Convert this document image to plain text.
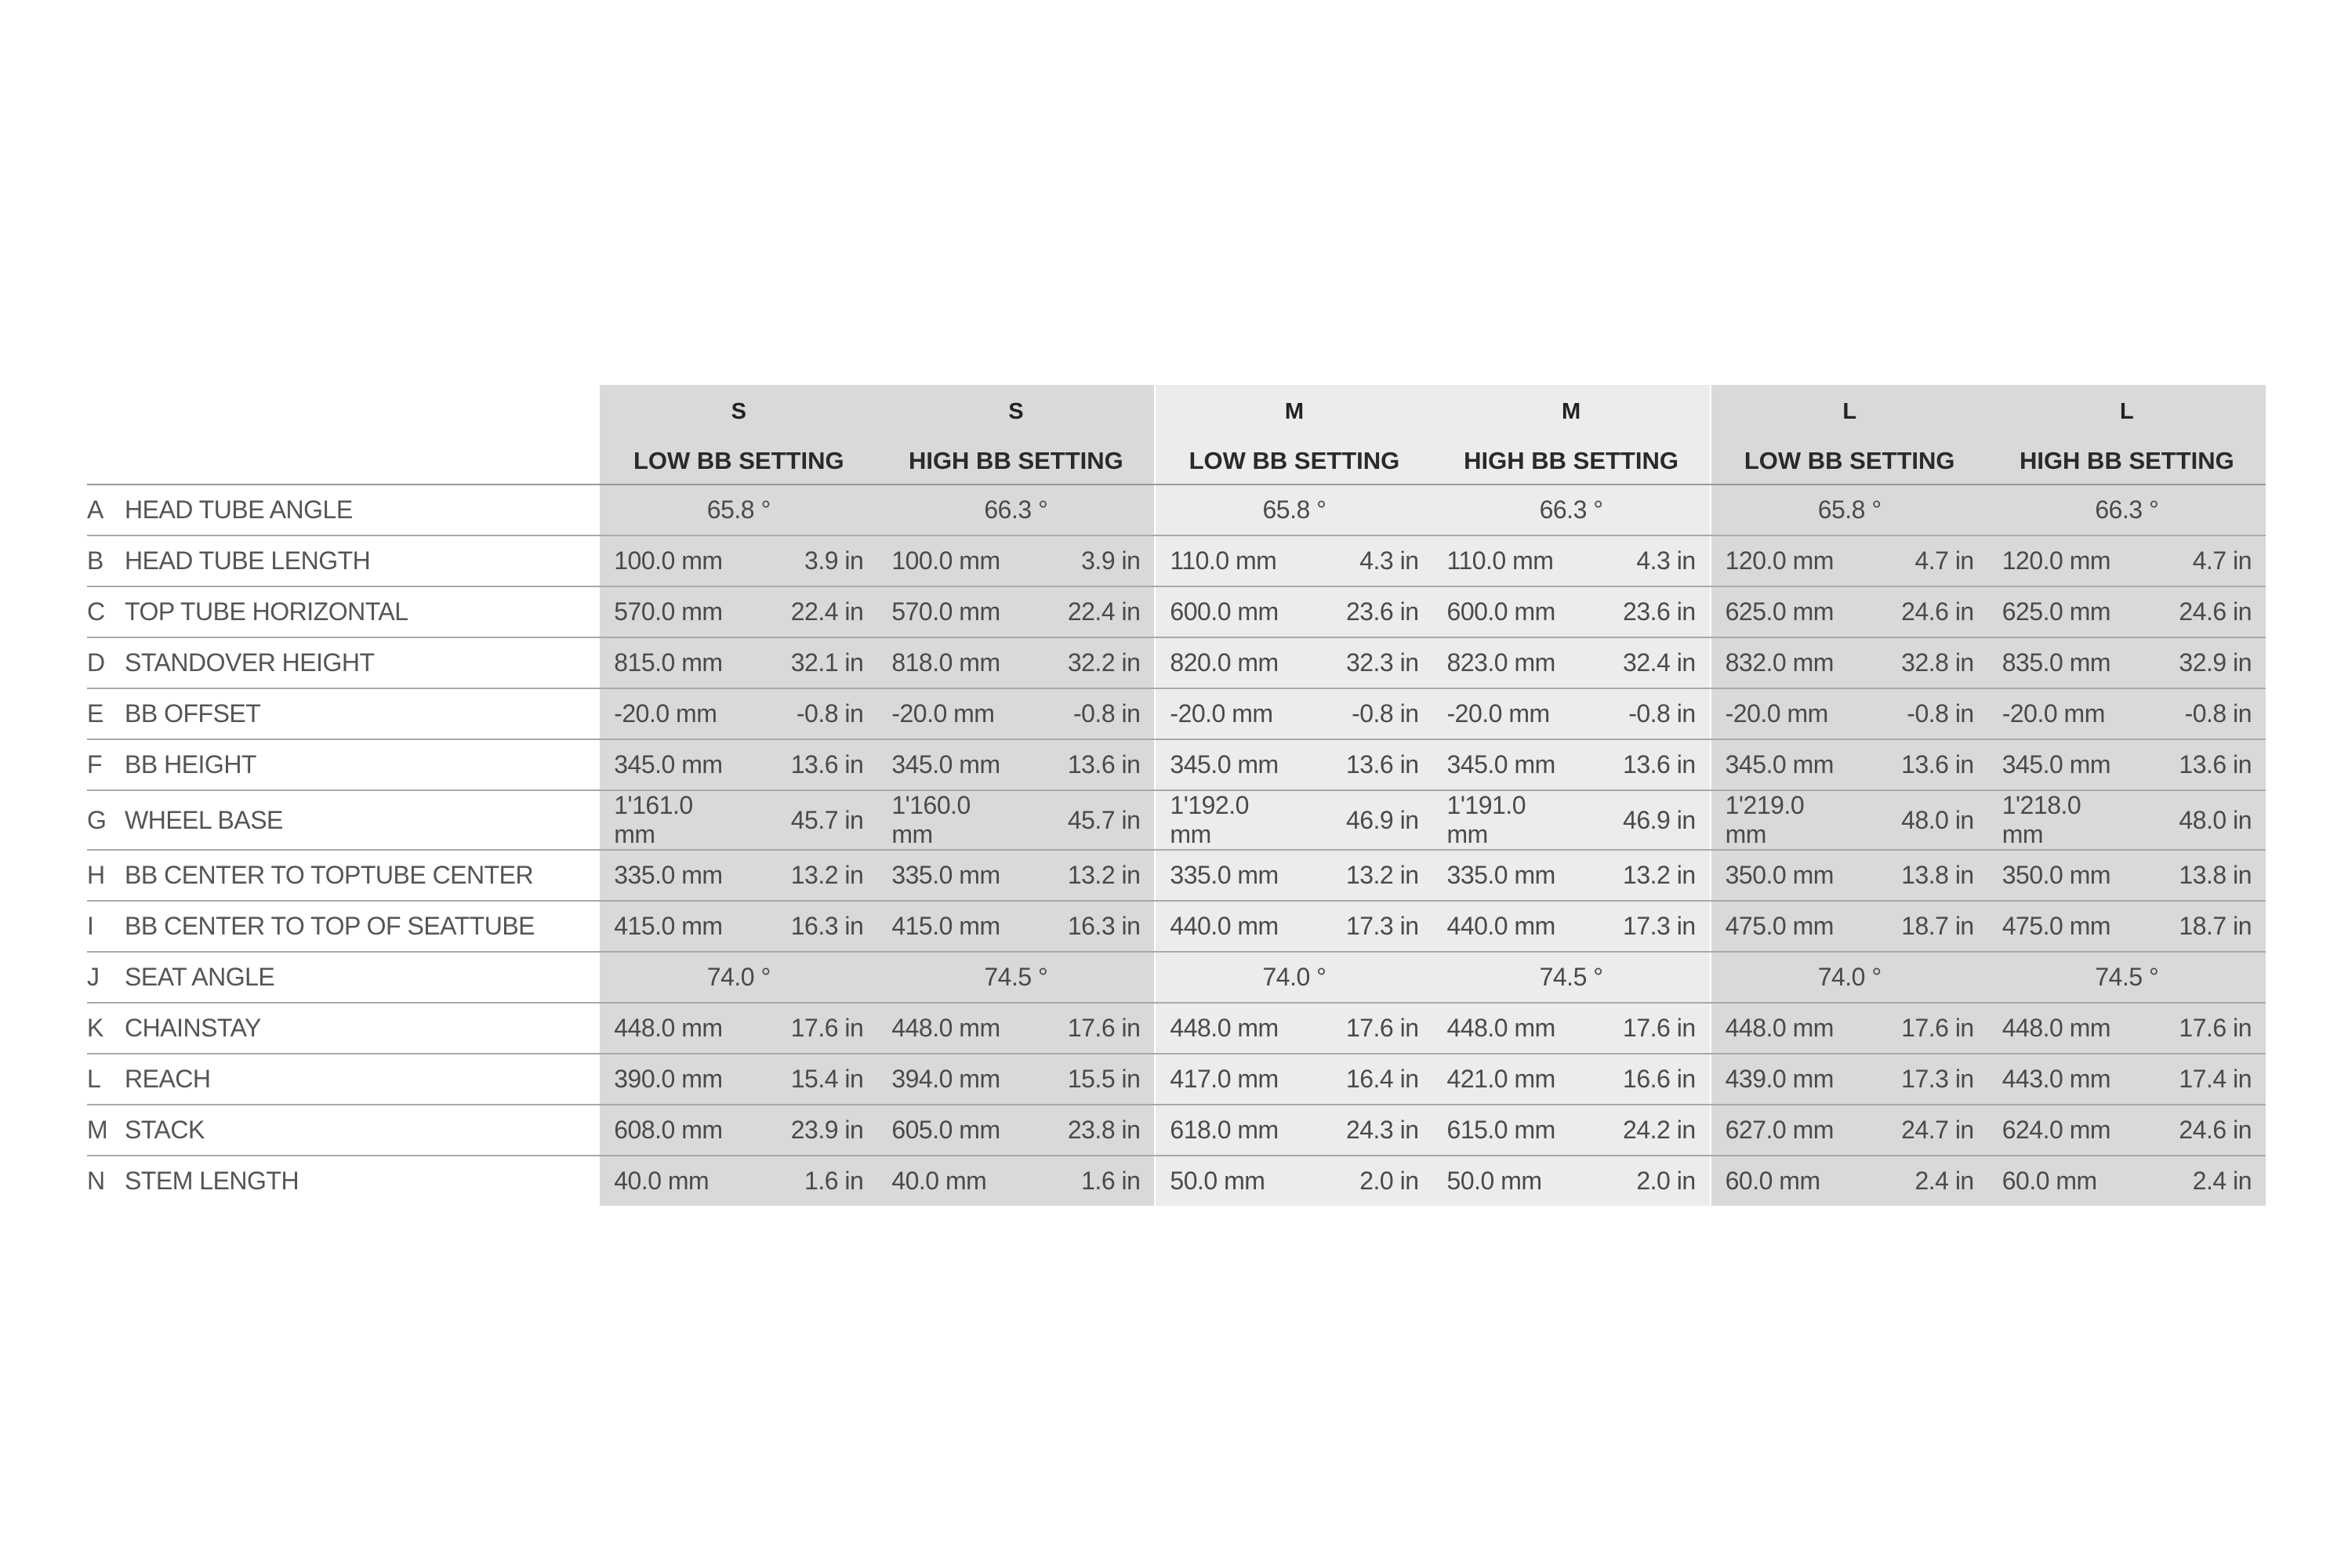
	S		S		M		M		L		L	
	LOW BB SETTING		HIGH BB SETTING		LOW BB SETTING		HIGH BB SETTING		LOW BB SETTING		HIGH BB SETTING	
A HEAD TUBE ANGLE	65.8 °		66.3 °		65.8 °		66.3 °		65.8 °		66.3 °	
B HEAD TUBE LENGTH	100.0 mm	3.9 in	100.0 mm	3.9 in	110.0 mm	4.3 in	110.0 mm	4.3 in	120.0 mm	4.7 in	120.0 mm	4.7 in
C TOP TUBE HORIZONTAL	570.0 mm	22.4 in	570.0 mm	22.4 in	600.0 mm	23.6 in	600.0 mm	23.6 in	625.0 mm	24.6 in	625.0 mm	24.6 in
D STANDOVER HEIGHT	815.0 mm	32.1 in	818.0 mm	32.2 in	820.0 mm	32.3 in	823.0 mm	32.4 in	832.0 mm	32.8 in	835.0 mm	32.9 in
E BB OFFSET	-20.0 mm	-0.8 in	-20.0 mm	-0.8 in	-20.0 mm	-0.8 in	-20.0 mm	-0.8 in	-20.0 mm	-0.8 in	-20.0 mm	-0.8 in
F BB HEIGHT	345.0 mm	13.6 in	345.0 mm	13.6 in	345.0 mm	13.6 in	345.0 mm	13.6 in	345.0 mm	13.6 in	345.0 mm	13.6 in
G WHEEL BASE	1'161.0 mm	45.7 in	1'160.0 mm	45.7 in	1'192.0 mm	46.9 in	1'191.0 mm	46.9 in	1'219.0 mm	48.0 in	1'218.0 mm	48.0 in
H BB CENTER TO TOPTUBE CENTER	335.0 mm	13.2 in	335.0 mm	13.2 in	335.0 mm	13.2 in	335.0 mm	13.2 in	350.0 mm	13.8 in	350.0 mm	13.8 in
I BB CENTER TO TOP OF SEATTUBE	415.0 mm	16.3 in	415.0 mm	16.3 in	440.0 mm	17.3 in	440.0 mm	17.3 in	475.0 mm	18.7 in	475.0 mm	18.7 in
J SEAT ANGLE	74.0 °		74.5 °		74.0 °		74.5 °		74.0 °		74.5 °	
K CHAINSTAY	448.0 mm	17.6 in	448.0 mm	17.6 in	448.0 mm	17.6 in	448.0 mm	17.6 in	448.0 mm	17.6 in	448.0 mm	17.6 in
L REACH	390.0 mm	15.4 in	394.0 mm	15.5 in	417.0 mm	16.4 in	421.0 mm	16.6 in	439.0 mm	17.3 in	443.0 mm	17.4 in
M STACK	608.0 mm	23.9 in	605.0 mm	23.8 in	618.0 mm	24.3 in	615.0 mm	24.2 in	627.0 mm	24.7 in	624.0 mm	24.6 in
N STEM LENGTH	40.0 mm	1.6 in	40.0 mm	1.6 in	50.0 mm	2.0 in	50.0 mm	2.0 in	60.0 mm	2.4 in	60.0 mm	2.4 in
